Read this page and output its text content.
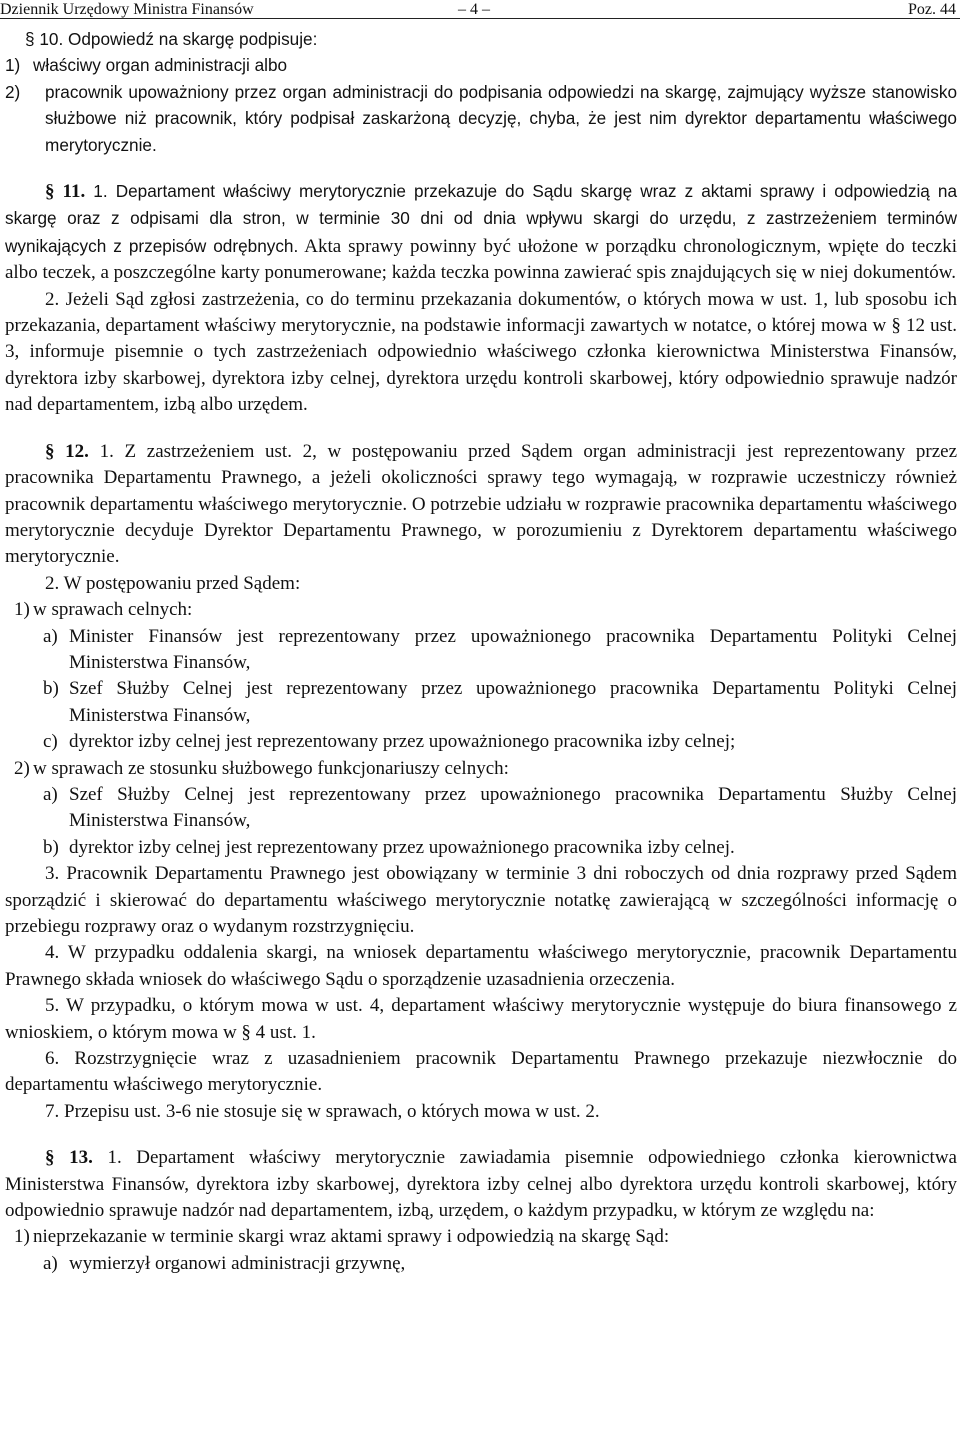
Dziennik Urzędowy Ministra Finansów	– 4 –	Poz. 44

§ 10. Odpowiedź na skargę podpisuje:

1) właściwy organ administracji albo

2) pracownik upoważniony przez organ administracji do podpisania odpowiedzi na skargę, zajmujący wyższe stanowisko służbowe niż pracownik, który podpisał zaskarżoną decyzję, chyba, że jest nim dyrektor departamentu właściwego merytorycznie.

§ 11. 1. Departament właściwy merytorycznie przekazuje do Sądu skargę wraz z aktami sprawy i odpowiedzią na skargę oraz z odpisami dla stron, w terminie 30 dni od dnia wpływu skargi do urzędu, z zastrzeżeniem terminów wynikających z przepisów odrębnych. Akta sprawy powinny być ułożone w porządku chronologicznym, wpięte do teczki albo teczek, a poszczególne karty ponumerowane; każda teczka powinna zawierać spis znajdujących się w niej dokumentów.

2. Jeżeli Sąd zgłosi zastrzeżenia, co do terminu przekazania dokumentów, o których mowa w ust. 1, lub sposobu ich przekazania, departament właściwy merytorycznie, na podstawie informacji zawartych w notatce, o której mowa w § 12 ust. 3, informuje pisemnie o tych zastrzeżeniach odpowiednio właściwego członka kierownictwa Ministerstwa Finansów, dyrektora izby skarbowej, dyrektora izby celnej, dyrektora urzędu kontroli skarbowej, który odpowiednio sprawuje nadzór nad departamentem, izbą albo urzędem.

§ 12. 1. Z zastrzeżeniem ust. 2, w postępowaniu przed Sądem organ administracji jest reprezentowany przez pracownika Departamentu Prawnego, a jeżeli okoliczności sprawy tego wymagają, w rozprawie uczestniczy również pracownik departamentu właściwego merytorycznie. O potrzebie udziału w rozprawie pracownika departamentu właściwego merytorycznie decyduje Dyrektor Departamentu Prawnego, w porozumieniu z Dyrektorem departamentu właściwego merytorycznie.

2. W postępowaniu przed Sądem:

1) w sprawach celnych:

a) Minister Finansów jest reprezentowany przez upoważnionego pracownika Departamentu Polityki Celnej Ministerstwa Finansów,

b) Szef Służby Celnej jest reprezentowany przez upoważnionego pracownika Departamentu Polityki Celnej Ministerstwa Finansów,

c) dyrektor izby celnej jest reprezentowany przez upoważnionego pracownika izby celnej;

2) w sprawach ze stosunku służbowego funkcjonariuszy celnych:

a) Szef Służby Celnej jest reprezentowany przez upoważnionego pracownika Departamentu Służby Celnej Ministerstwa Finansów,

b) dyrektor izby celnej jest reprezentowany przez upoważnionego pracownika izby celnej.

3. Pracownik Departamentu Prawnego jest obowiązany w terminie 3 dni roboczych od dnia rozprawy przed Sądem sporządzić i skierować do departamentu właściwego merytorycznie notatkę zawierającą w szczególności informację o przebiegu rozprawy oraz o wydanym rozstrzygnięciu.

4. W przypadku oddalenia skargi, na wniosek departamentu właściwego merytorycznie, pracownik Departamentu Prawnego składa wniosek do właściwego Sądu o sporządzenie uzasadnienia orzeczenia.

5. W przypadku, o którym mowa w ust. 4, departament właściwy merytorycznie występuje do biura finansowego z wnioskiem, o którym mowa w § 4 ust. 1.

6. Rozstrzygnięcie wraz z uzasadnieniem pracownik Departamentu Prawnego przekazuje niezwłocznie do departamentu właściwego merytorycznie.

7. Przepisu ust. 3-6 nie stosuje się w sprawach, o których mowa w ust. 2.

§ 13. 1. Departament właściwy merytorycznie zawiadamia pisemnie odpowiedniego członka kierownictwa Ministerstwa Finansów, dyrektora izby skarbowej, dyrektora izby celnej albo dyrektora urzędu kontroli skarbowej, który odpowiednio sprawuje nadzór nad departamentem, izbą, urzędem, o każdym przypadku, w którym ze względu na:

1) nieprzekazanie w terminie skargi wraz aktami sprawy i odpowiedzią na skargę Sąd:

a) wymierzył organowi administracji grzywnę,
